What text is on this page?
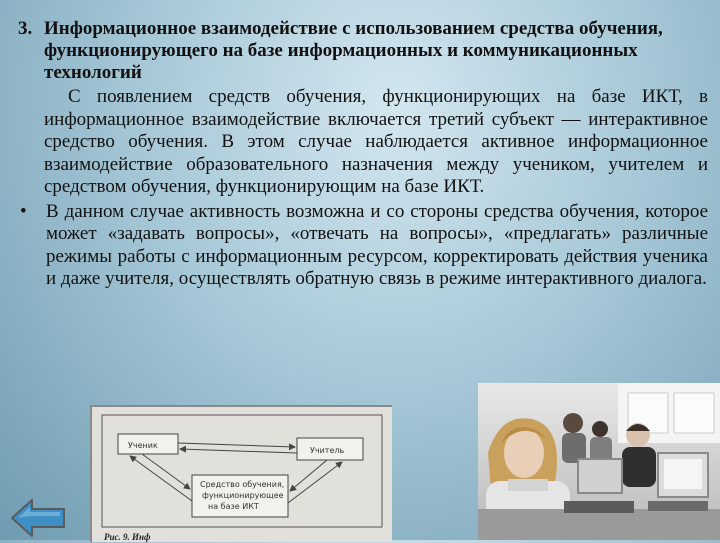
3. Информационное взаимодействие с использованием средства обучения, функционирующего на базе информационных и коммуникационных технологий

С появлением средств обучения, функционирующих на базе ИКТ, в информационное взаимодействие включается третий субъект — интерактивное средство обучения. В этом случае наблюдается активное информационное взаимодействие образовательного назначения между учеником, учителем и средством обучения, функционирующим на базе ИКТ.

•	В данном случае активность возможна и со стороны средства обучения, которое может «задавать вопросы», «отвечать на вопросы», «предлагать» различные режимы работы с информационным ресурсом, корректировать действия ученика и даже учителя, осуществлять обратную связь в режиме интерактивного диалога.

Ученик
Учитель
Средство обучения,
функционирующее
на базе ИКТ
Рис. 9. Инф
